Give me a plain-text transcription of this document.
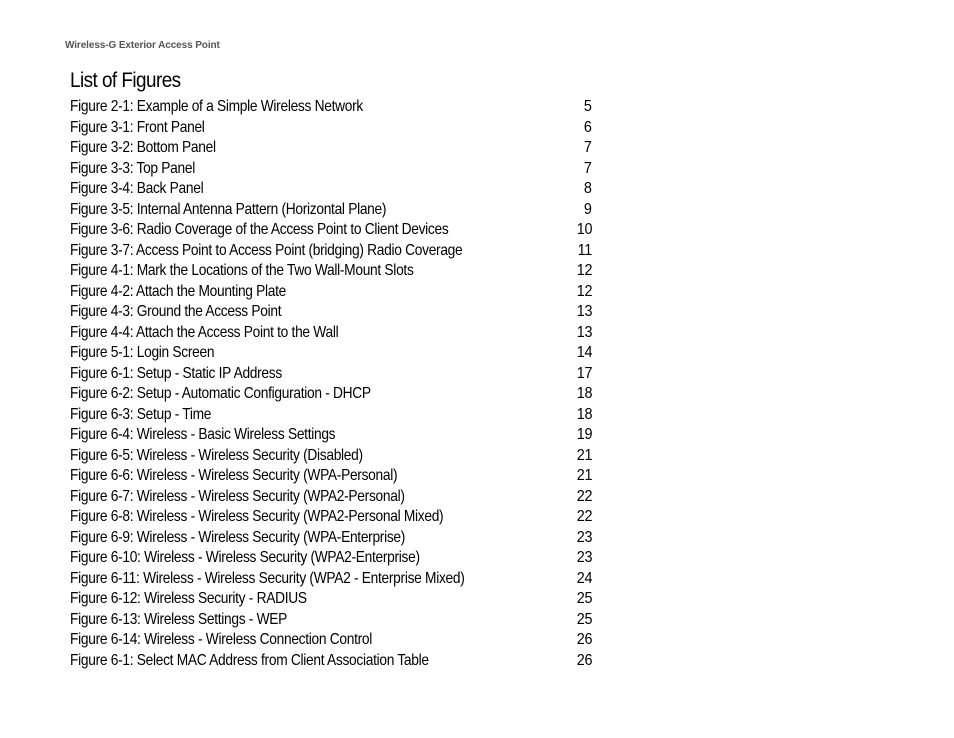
Wireless-G Exterior Access Point
List of Figures
Figure 2-1: Example of a Simple Wireless Network	5
Figure 3-1: Front Panel	6
Figure 3-2: Bottom Panel	7
Figure 3-3: Top Panel	7
Figure 3-4: Back Panel	8
Figure 3-5: Internal Antenna Pattern (Horizontal Plane)	9
Figure 3-6: Radio Coverage of the Access Point to Client Devices	10
Figure 3-7: Access Point to Access Point (bridging) Radio Coverage	11
Figure 4-1: Mark the Locations of the Two Wall-Mount Slots	12
Figure 4-2: Attach the Mounting Plate	12
Figure 4-3: Ground the Access Point	13
Figure 4-4: Attach the Access Point to the Wall	13
Figure 5-1: Login Screen	14
Figure 6-1: Setup - Static IP Address	17
Figure 6-2: Setup - Automatic Configuration - DHCP	18
Figure 6-3: Setup - Time	18
Figure 6-4: Wireless - Basic Wireless Settings	19
Figure 6-5: Wireless - Wireless Security (Disabled)	21
Figure 6-6: Wireless - Wireless Security (WPA-Personal)	21
Figure 6-7: Wireless - Wireless Security (WPA2-Personal)	22
Figure 6-8: Wireless - Wireless Security (WPA2-Personal Mixed)	22
Figure 6-9: Wireless - Wireless Security (WPA-Enterprise)	23
Figure 6-10: Wireless - Wireless Security (WPA2-Enterprise)	23
Figure 6-11: Wireless - Wireless Security (WPA2 - Enterprise Mixed)	24
Figure 6-12: Wireless Security - RADIUS	25
Figure 6-13: Wireless Settings - WEP	25
Figure 6-14: Wireless - Wireless Connection Control	26
Figure 6-1: Select MAC Address from Client Association Table	26
